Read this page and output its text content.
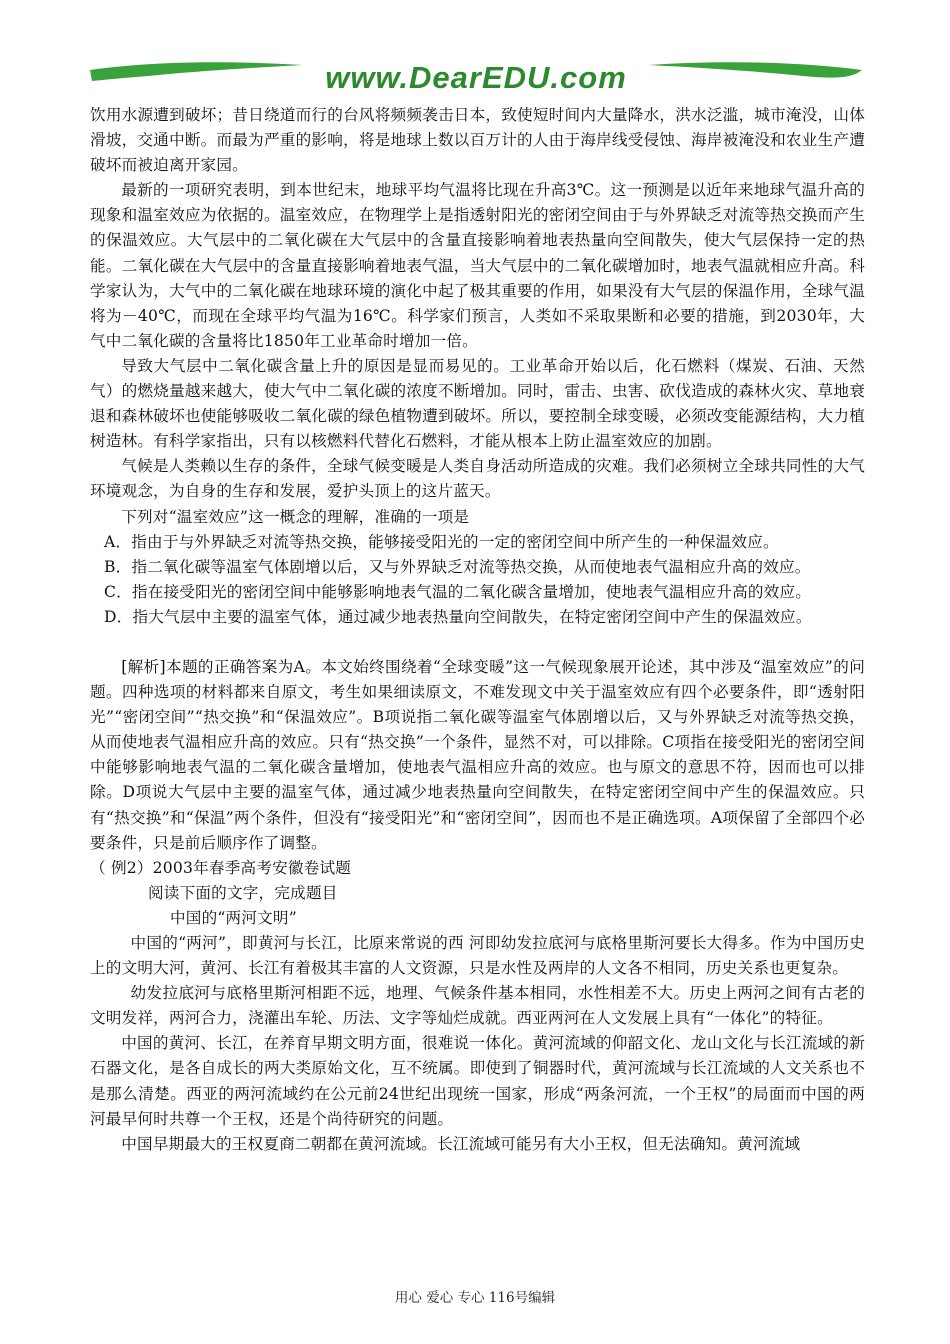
www.DearEDU.com

饮用水源遭到破坏；昔日绕道而行的台风将频频袭击日本，致使短时间内大量降水，洪水泛滥，城市淹没，山体滑坡，交通中断。而最为严重的影响，将是地球上数以百万计的人由于海岸线受侵蚀、海岸被淹没和农业生产遭破坏而被迫离开家园。

最新的一项研究表明，到本世纪末，地球平均气温将比现在升高3℃。这一预测是以近年来地球气温升高的现象和温室效应为依据的。温室效应，在物理学上是指透射阳光的密闭空间由于与外界缺乏对流等热交换而产生的保温效应。大气层中的二氧化碳在大气层中的含量直接影响着地表热量向空间散失，使大气层保持一定的热能。二氧化碳在大气层中的含量直接影响着地表气温，当大气层中的二氧化碳增加时，地表气温就相应升高。科学家认为，大气中的二氧化碳在地球环境的演化中起了极其重要的作用，如果没有大气层的保温作用，全球气温将为－40℃，而现在全球平均气温为16℃。科学家们预言，人类如不采取果断和必要的措施，到2030年，大气中二氧化碳的含量将比1850年工业革命时增加一倍。

导致大气层中二氧化碳含量上升的原因是显而易见的。工业革命开始以后，化石燃料（煤炭、石油、天然气）的燃烧量越来越大，使大气中二氧化碳的浓度不断增加。同时，雷击、虫害、砍伐造成的森林火灾、草地衰退和森林破坏也使能够吸收二氧化碳的绿色植物遭到破坏。所以，要控制全球变暖，必须改变能源结构，大力植树造林。有科学家指出，只有以核燃料代替化石燃料，才能从根本上防止温室效应的加剧。

气候是人类赖以生存的条件，全球气候变暖是人类自身活动所造成的灾难。我们必须树立全球共同性的大气环境观念，为自身的生存和发展，爱护头顶上的这片蓝天。

下列对“温室效应”这一概念的理解，准确的一项是

A．指由于与外界缺乏对流等热交换，能够接受阳光的一定的密闭空间中所产生的一种保温效应。

B．指二氧化碳等温室气体剧增以后，又与外界缺乏对流等热交换，从而使地表气温相应升高的效应。

C．指在接受阳光的密闭空间中能够影响地表气温的二氧化碳含量增加，使地表气温相应升高的效应。

D．指大气层中主要的温室气体，通过减少地表热量向空间散失，在特定密闭空间中产生的保温效应。

[解析]本题的正确答案为A。本文始终围绕着“全球变暖”这一气候现象展开论述，其中涉及“温室效应”的问题。四种选项的材料都来自原文，考生如果细读原文，不难发现文中关于温室效应有四个必要条件，即“透射阳光”“密闭空间”“热交换”和“保温效应”。B项说指二氧化碳等温室气体剧增以后，又与外界缺乏对流等热交换，从而使地表气温相应升高的效应。只有“热交换”一个条件，显然不对，可以排除。C项指在接受阳光的密闭空间中能够影响地表气温的二氧化碳含量增加，使地表气温相应升高的效应。也与原文的意思不符，因而也可以排除。D项说大气层中主要的温室气体，通过减少地表热量向空间散失，在特定密闭空间中产生的保温效应。只有“热交换”和“保温”两个条件，但没有“接受阳光”和“密闭空间”，因而也不是正确选项。A项保留了全部四个必要条件，只是前后顺序作了调整。

（ 例2）2003年春季高考安徽卷试题

阅读下面的文字，完成题目

中国的“两河文明”

中国的“两河”，即黄河与长江，比原来常说的西 河即幼发拉底河与底格里斯河要长大得多。作为中国历史上的文明大河，黄河、长江有着极其丰富的人文资源，只是水性及两岸的人文各不相同，历史关系也更复杂。

幼发拉底河与底格里斯河相距不远，地理、气候条件基本相同，水性相差不大。历史上两河之间有古老的 文明发祥，两河合力，浇灌出车轮、历法、文字等灿烂成就。西亚两河在人文发展上具有“一体化”的特征。

中国的黄河、长江，在养育早期文明方面，很难说一体化。黄河流域的仰韶文化、龙山文化与长江流域的新石器文化，是各自成长的两大类原始文化，互不统属。即使到了铜器时代，黄河流域与长江流域的人文关系也不是那么清楚。西亚的两河流域约在公元前24世纪出现统一国家，形成“两条河流，一个王权”的局面而中国的两河最早何时共尊一个王权，还是个尚待研究的问题。

中国早期最大的王权夏商二朝都在黄河流域。长江流域可能另有大小王权，但无法确知。黄河流域

用心 爱心 专心 116号编辑
